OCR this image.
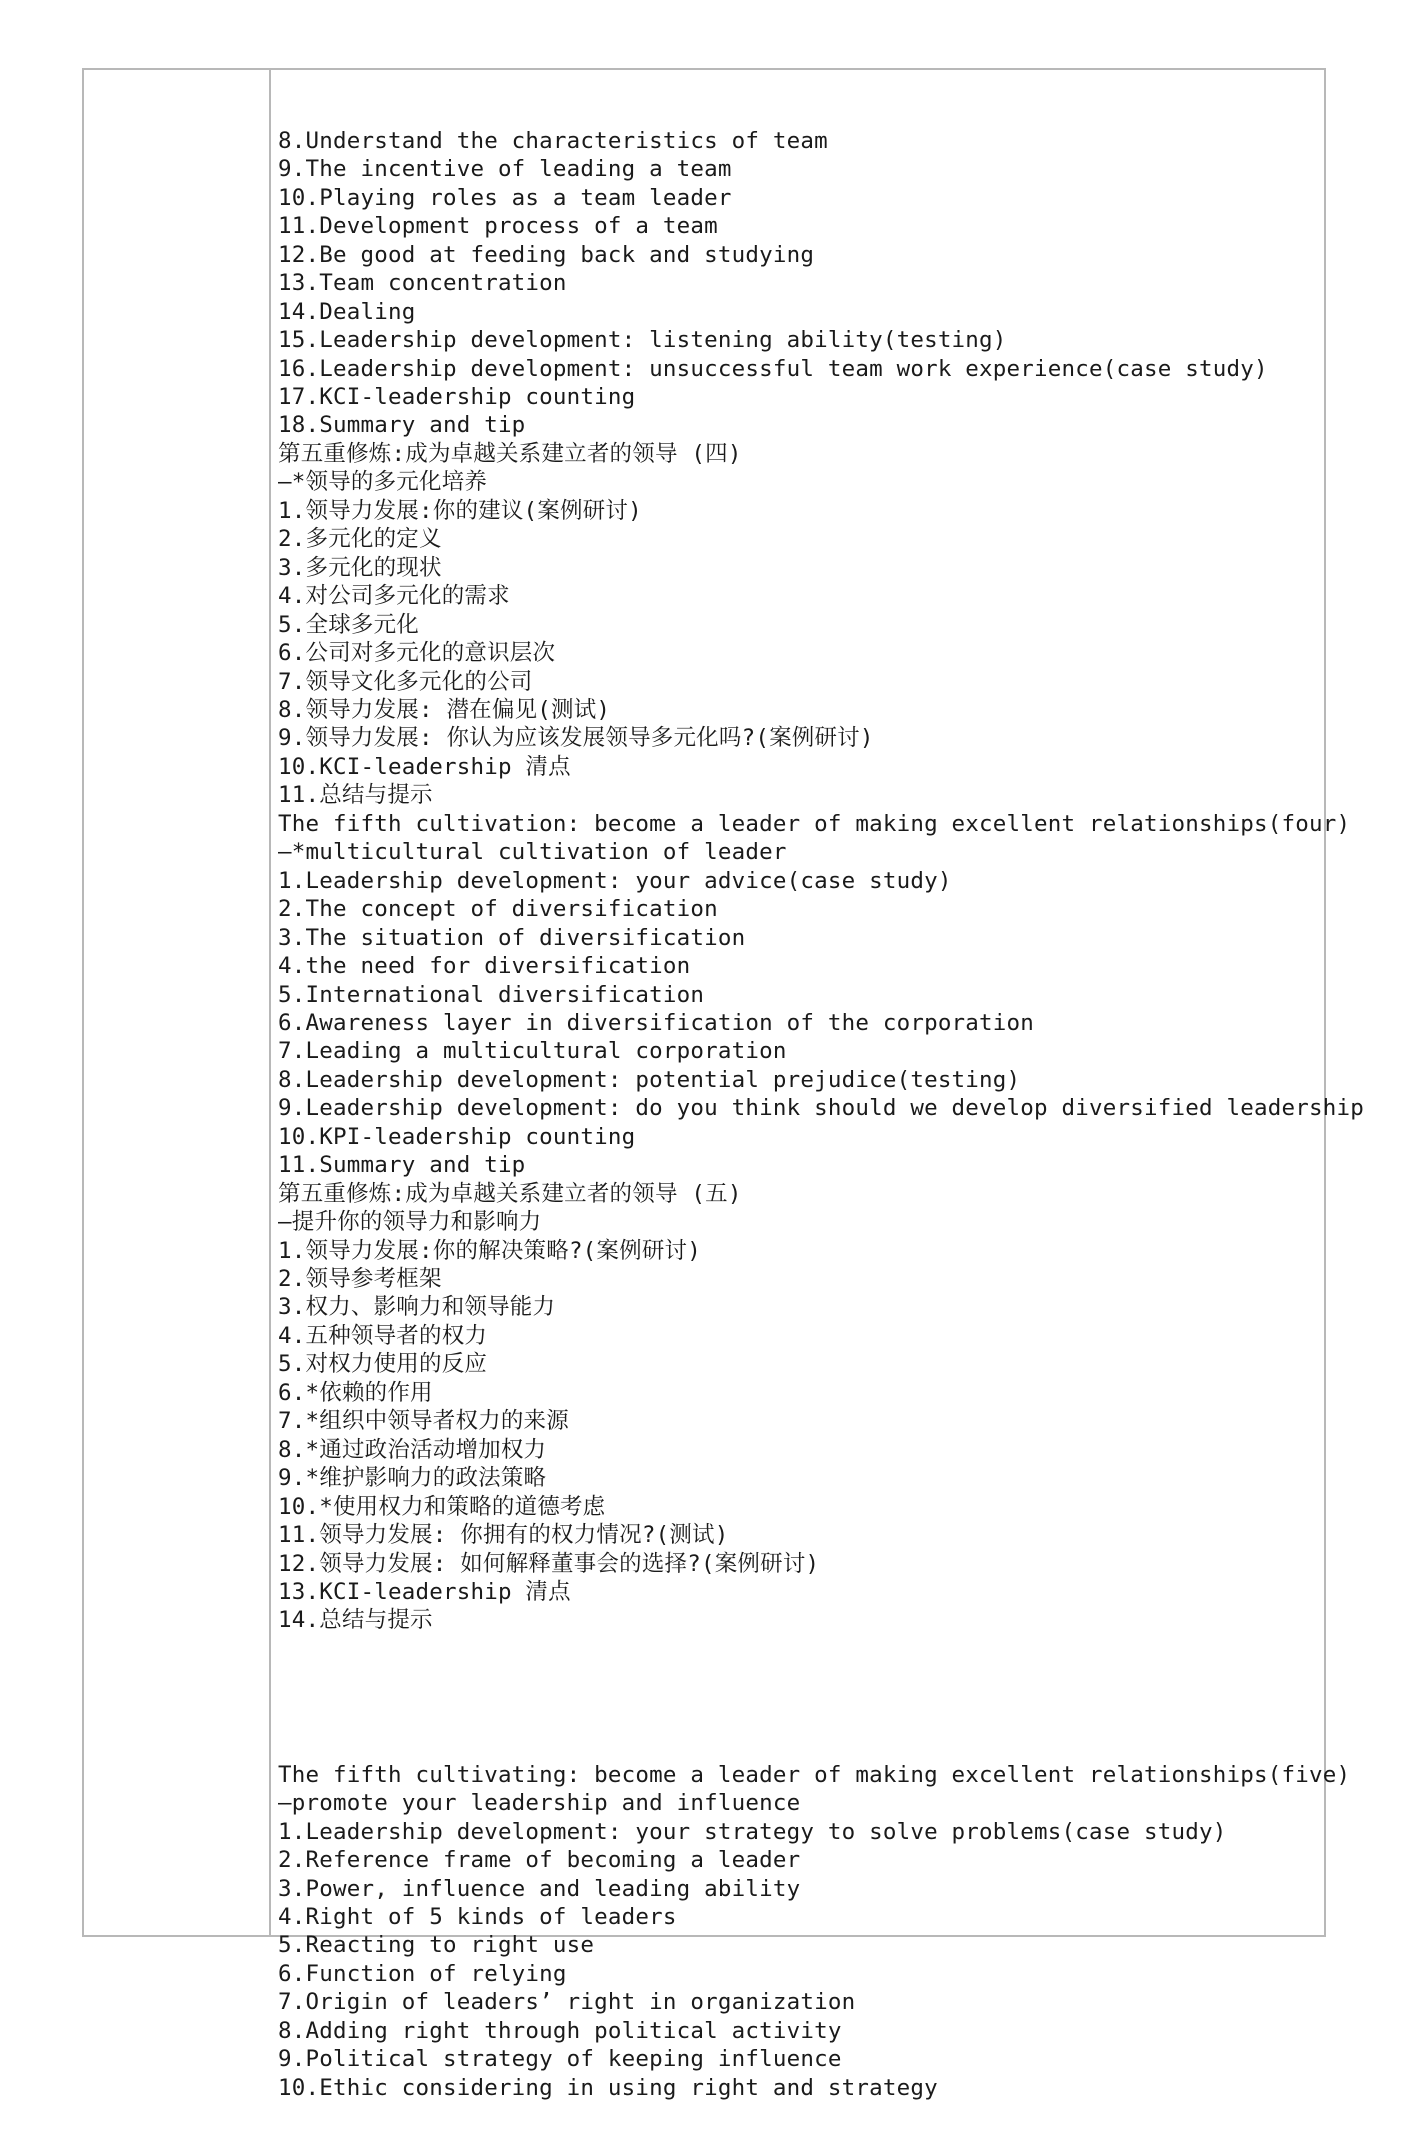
8.Understand the characteristics of team
9.The incentive of leading a team
10.Playing roles as a team leader
11.Development process of a team
12.Be good at feeding back and studying
13.Team concentration
14.Dealing
15.Leadership development: listening ability(testing)
16.Leadership development: unsuccessful team work experience(case study)
17.KCI-leadership counting
18.Summary and tip
第五重修炼:成为卓越关系建立者的领导 (四)
—*领导的多元化培养
1.领导力发展:你的建议(案例研讨)
2.多元化的定义
3.多元化的现状
4.对公司多元化的需求
5.全球多元化
6.公司对多元化的意识层次
7.领导文化多元化的公司
8.领导力发展: 潜在偏见(测试)
9.领导力发展: 你认为应该发展领导多元化吗?(案例研讨)
10.KCI-leadership 清点
11.总结与提示
The fifth cultivation: become a leader of making excellent relationships(four)
—*multicultural cultivation of leader
1.Leadership development: your advice(case study)
2.The concept of diversification
3.The situation of diversification
4.the need for diversification
5.International diversification
6.Awareness layer in diversification of the corporation
7.Leading a multicultural corporation
8.Leadership development: potential prejudice(testing)
9.Leadership development: do you think should we develop diversified leadership
10.KPI-leadership counting
11.Summary and tip
第五重修炼:成为卓越关系建立者的领导 (五)
—提升你的领导力和影响力
1.领导力发展:你的解决策略?(案例研讨)
2.领导参考框架
3.权力、影响力和领导能力
4.五种领导者的权力
5.对权力使用的反应
6.*依赖的作用
7.*组织中领导者权力的来源
8.*通过政治活动增加权力
9.*维护影响力的政法策略
10.*使用权力和策略的道德考虑
11.领导力发展: 你拥有的权力情况?(测试)
12.领导力发展: 如何解释董事会的选择?(案例研讨)
13.KCI-leadership 清点
14.总结与提示

The fifth cultivating: become a leader of making excellent relationships(five)
—promote your leadership and influence
1.Leadership development: your strategy to solve problems(case study)
2.Reference frame of becoming a leader
3.Power, influence and leading ability
4.Right of 5 kinds of leaders
5.Reacting to right use
6.Function of relying
7.Origin of leaders’ right in organization
8.Adding right through political activity
9.Political strategy of keeping influence
10.Ethic considering in using right and strategy
